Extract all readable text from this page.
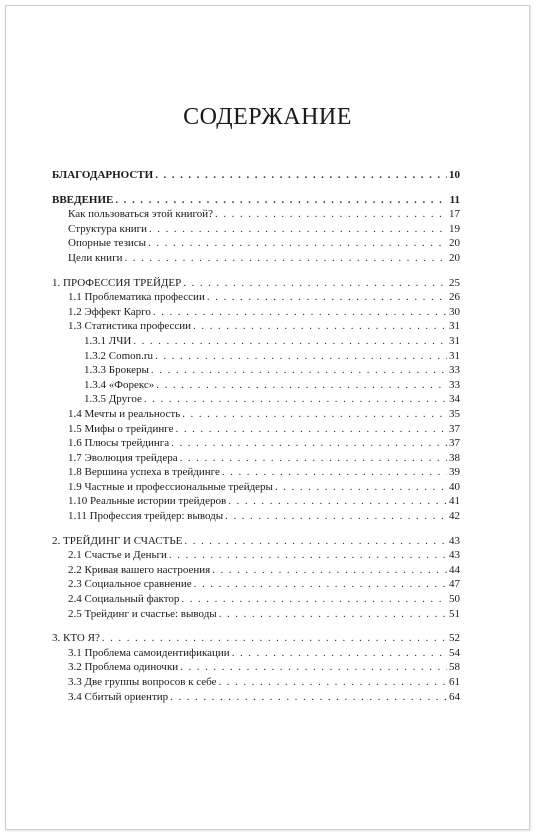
СОДЕРЖАНИЕ
БЛАГОДАРНОСТИ . . .	10
ВВЕДЕНИЕ . . .	11
Как пользоваться этой книгой? . . .	17
Структура книги . . .	19
Опорные тезисы . . .	20
Цели книги . . .	20
1. ПРОФЕССИЯ ТРЕЙДЕР . . .	25
1.1 Проблематика профессии . . .	26
1.2 Эффект Карго . . .	30
1.3 Статистика профессии . . .	31
1.3.1 ЛЧИ . . .	31
1.3.2 Comon.ru . . .	31
1.3.3 Брокеры . . .	33
1.3.4 «Форекс» . . .	33
1.3.5 Другое . . .	34
1.4 Мечты и реальность . . .	35
1.5 Мифы о трейдинге . . .	37
1.6 Плюсы трейдинга . . .	37
1.7 Эволюция трейдера . . .	38
1.8 Вершина успеха в трейдинге . . .	39
1.9 Частные и профессиональные трейдеры . . .	40
1.10 Реальные истории трейдеров . . .	41
1.11 Профессия трейдер: выводы . . .	42
2. ТРЕЙДИНГ И СЧАСТЬЕ . . .	43
2.1 Счастье и Деньги . . .	43
2.2 Кривая вашего настроения . . .	44
2.3 Социальное сравнение . . .	47
2.4 Социальный фактор . . .	50
2.5 Трейдинг и счастье: выводы . . .	51
3. КТО Я? . . .	52
3.1 Проблема самоидентификации . . .	54
3.2 Проблема одиночки . . .	58
3.3 Две группы вопросов к себе . . .	61
3.4 Сбитый ориентир . . .	64
